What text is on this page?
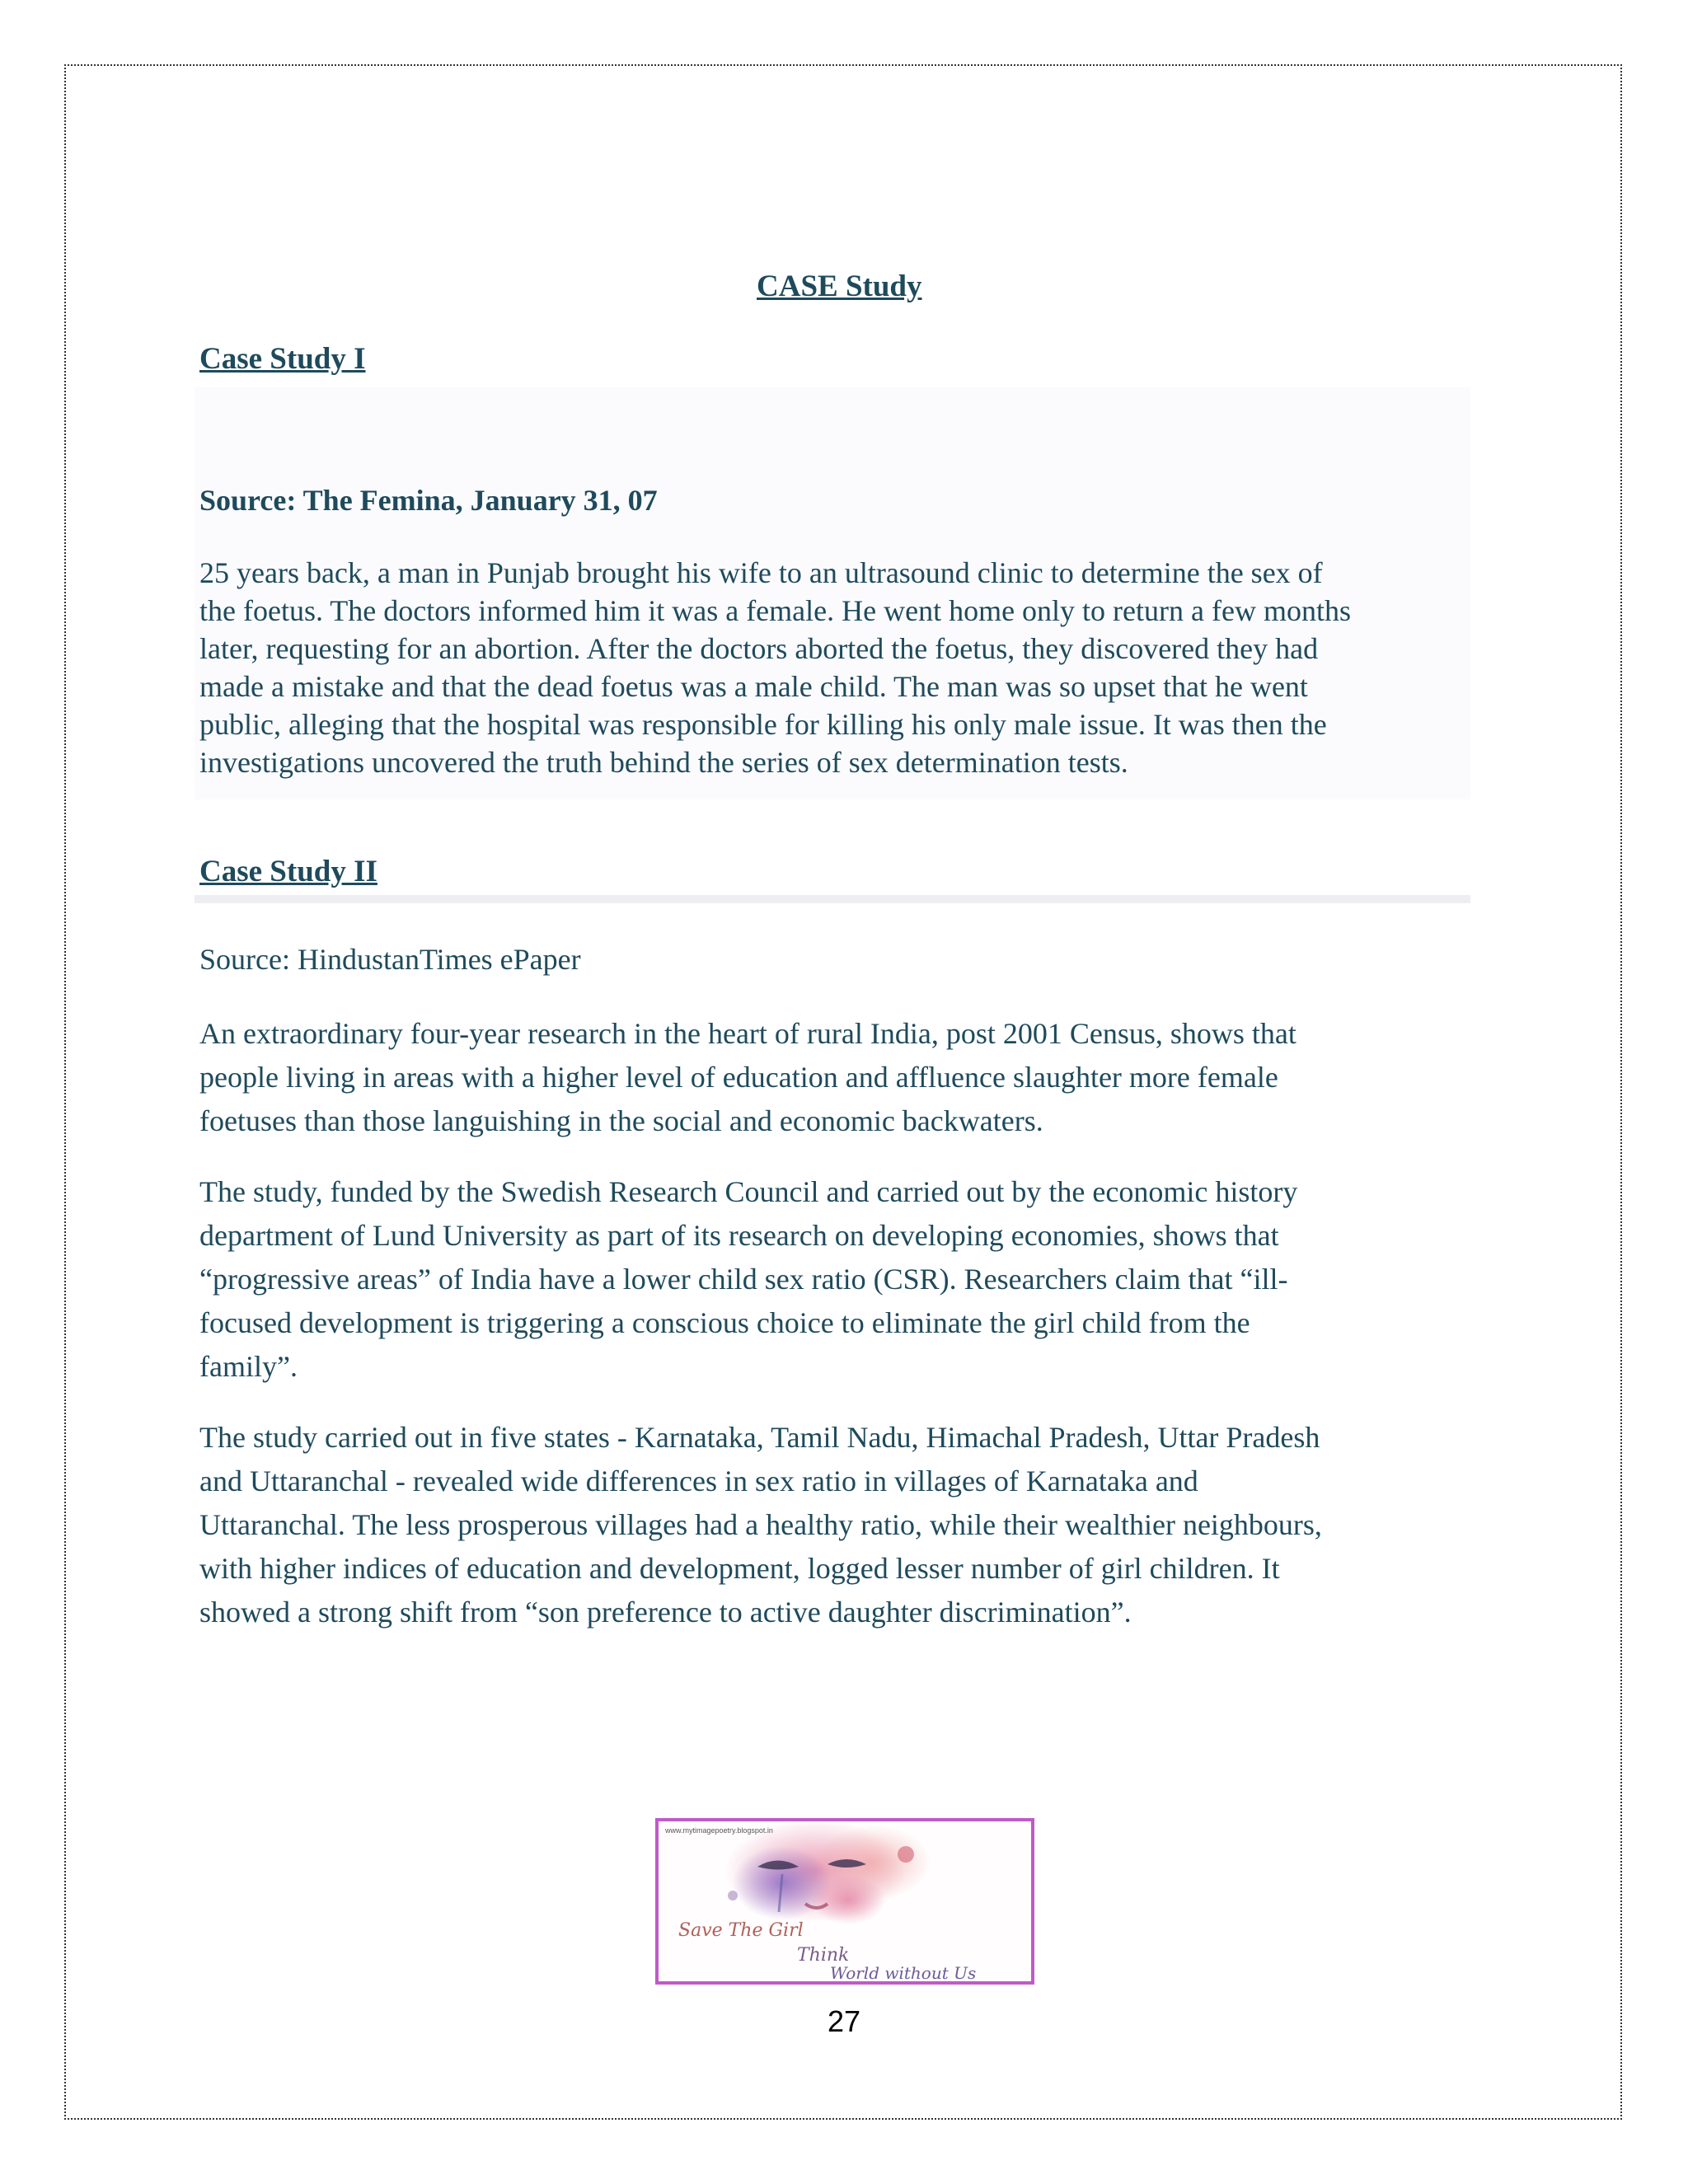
CASE Study
Case Study I
Source: The Femina, January 31, 07
25 years back, a man in Punjab brought his wife to an ultrasound clinic to determine the sex of
the foetus. The doctors informed him it was a female. He went home only to return a few months
later, requesting for an abortion. After the doctors aborted the foetus, they discovered they had
made a mistake and that the dead foetus was a male child. The man was so upset that he went
public, alleging that the hospital was responsible for killing his only male issue. It was then the
investigations uncovered the truth behind the series of sex determination tests.
Case Study II
Source: HindustanTimes ePaper
An extraordinary four-year research in the heart of rural India, post 2001 Census, shows that
people living in areas with a higher level of education and affluence slaughter more female
foetuses than those languishing in the social and economic backwaters.
The study, funded by the Swedish Research Council and carried out by the economic history
department of Lund University as part of its research on developing economies, shows that
“progressive areas” of India have a lower child sex ratio (CSR). Researchers claim that “ill-
focused development is triggering a conscious choice to eliminate the girl child from the
family”.
The study carried out in five states - Karnataka, Tamil Nadu, Himachal Pradesh, Uttar Pradesh
and Uttaranchal - revealed wide differences in sex ratio in villages of Karnataka and
Uttaranchal. The less prosperous villages had a healthy ratio, while their wealthier neighbours,
with higher indices of education and development, logged lesser number of girl children. It
showed a strong shift from “son preference to active daughter discrimination”.
www.mytimagepoetry.blogspot.in
Save The Girl
Think
World without Us
27
